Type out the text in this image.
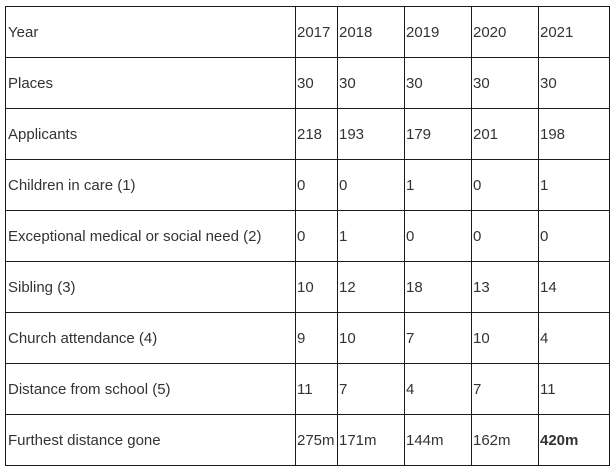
Year	2017	2018	2019	2020	2021
Places	30	30	30	30	30
Applicants	218	193	179	201	198
Children in care (1)	0	0	1	0	1
Exceptional medical or social need (2)	0	1	0	0	0
Sibling (3)	10	12	18	13	14
Church attendance (4)	9	10	7	10	4
Distance from school (5)	11	7	4	7	11
Furthest distance gone	275m	171m	144m	162m	420m
